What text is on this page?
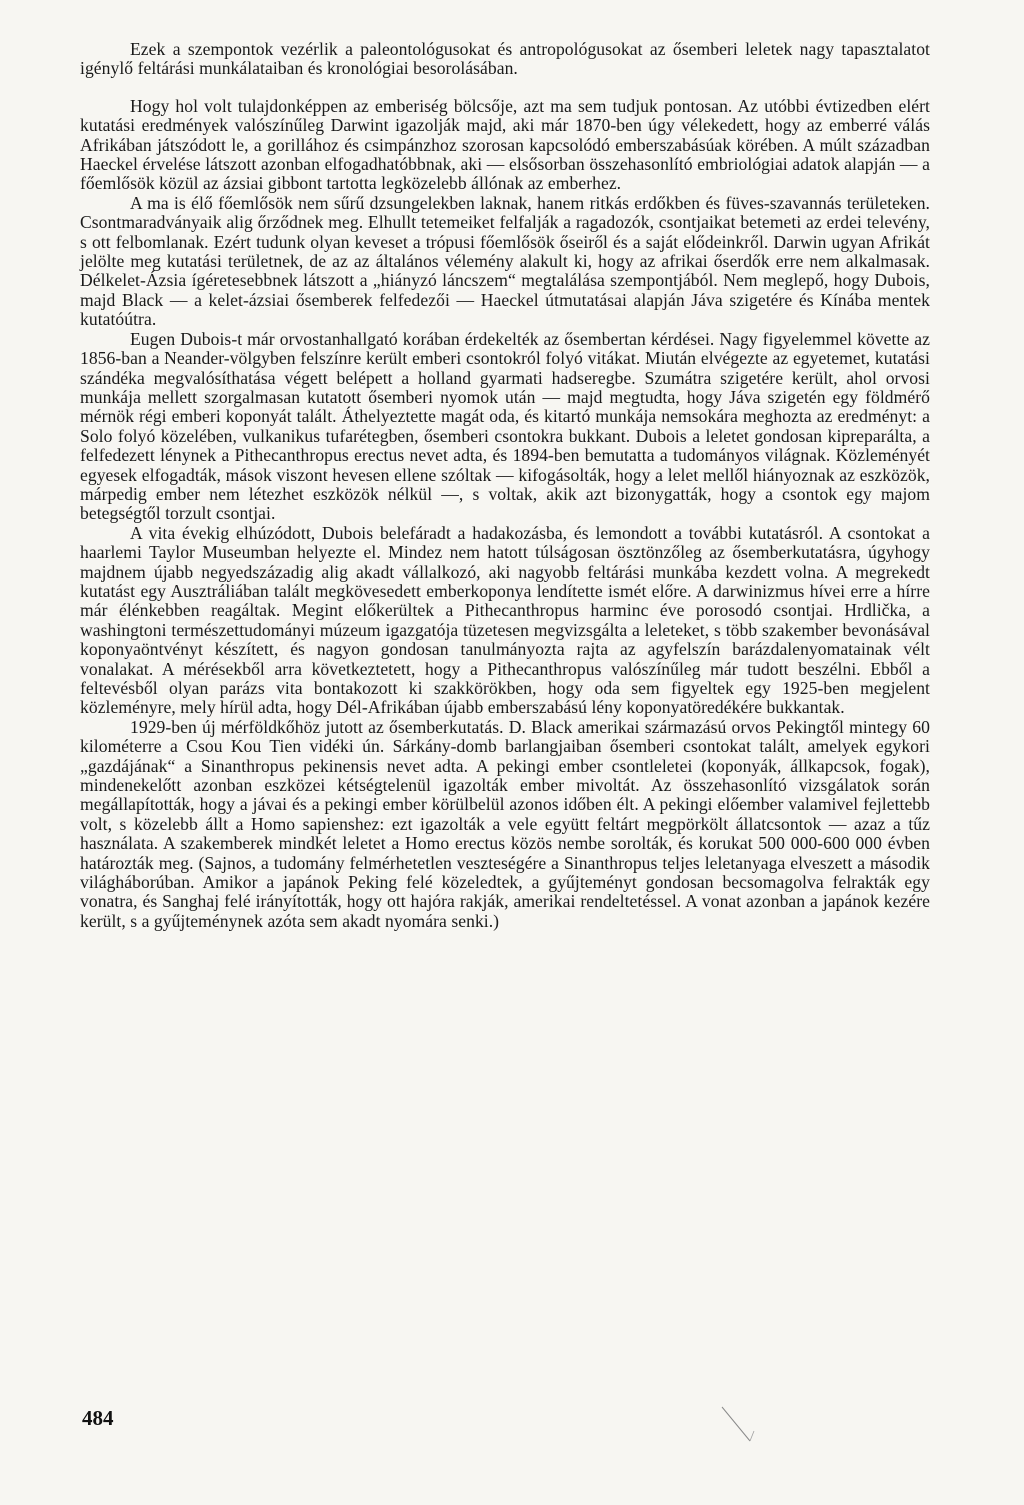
Ezek a szempontok vezérlik a paleontológusokat és antropológusokat az ősemberi leletek nagy tapasztalatot igénylő feltárási munkálataiban és kronológiai besorolásában.

Hogy hol volt tulajdonképpen az emberiség bölcsője, azt ma sem tudjuk pontosan. Az utóbbi évtizedben elért kutatási eredmények valószínűleg Darwint igazolják majd, aki már 1870-ben úgy vélekedett, hogy az emberré válás Afrikában játszódott le, a gorillához és csimpánzhoz szorosan kapcsolódó emberszabásúak körében. A múlt században Haeckel érvelése látszott azonban elfogadhatóbbnak, aki — elsősorban összehasonlító embriológiai adatok alapján — a főemlősök közül az ázsiai gibbont tartotta legközelebb állónak az emberhez.

A ma is élő főemlősök nem sűrű dzsungelekben laknak, hanem ritkás erdőkben és füves-szavannás területeken. Csontmaradványaik alig őrződnek meg. Elhullt tetemeiket felfalják a ragadozók, csontjaikat betemeti az erdei televény, s ott felbomlanak. Ezért tudunk olyan keveset a trópusi főemlősök őseiről és a saját elődeinkről. Darwin ugyan Afrikát jelölte meg kutatási területnek, de az az általános vélemény alakult ki, hogy az afrikai őserdők erre nem alkalmasak. Délkelet-Ázsia ígéretesebbnek látszott a „hiányzó láncszem“ megtalálása szempontjából. Nem meglepő, hogy Dubois, majd Black — a kelet-ázsiai ősemberek felfedezői — Haeckel útmutatásai alapján Jáva szigetére és Kínába mentek kutatóútra.

Eugen Dubois-t már orvostanhallgató korában érdekelték az ősembertan kérdései. Nagy figyelemmel követte az 1856-ban a Neander-völgyben felszínre került emberi csontokról folyó vitákat. Miután elvégezte az egyetemet, kutatási szándéka megvalósíthatása végett belépett a holland gyarmati hadseregbe. Szumátra szigetére került, ahol orvosi munkája mellett szorgalmasan kutatott ősemberi nyomok után — majd megtudta, hogy Jáva szigetén egy földmérő mérnök régi emberi koponyát talált. Áthelyeztette magát oda, és kitartó munkája nemsokára meghozta az eredményt: a Solo folyó közelében, vulkanikus tufarétegben, ősemberi csontokra bukkant. Dubois a leletet gondosan kipreparálta, a felfedezett lénynek a Pithecanthropus erectus nevet adta, és 1894-ben bemutatta a tudományos világnak. Közleményét egyesek elfogadták, mások viszont hevesen ellene szóltak — kifogásolták, hogy a lelet mellől hiányoznak az eszközök, márpedig ember nem létezhet eszközök nélkül —, s voltak, akik azt bizonygatták, hogy a csontok egy majom betegségtől torzult csontjai.

A vita évekig elhúzódott, Dubois belefáradt a hadakozásba, és lemondott a további kutatásról. A csontokat a haarlemi Taylor Museumban helyezte el. Mindez nem hatott túlságosan ösztönzőleg az ősemberkutatásra, úgyhogy majdnem újabb negyedszázadig alig akadt vállalkozó, aki nagyobb feltárási munkába kezdett volna. A megrekedt kutatást egy Ausztráliában talált megkövesedett emberkoponya lendítette ismét előre. A darwinizmus hívei erre a hírre már élénkebben reagáltak. Megint előkerültek a Pithecanthropus harminc éve porosodó csontjai. Hrdlička, a washingtoni természettudományi múzeum igazgatója tüzetesen megvizsgálta a leleteket, s több szakember bevonásával koponyaöntvényt készített, és nagyon gondosan tanulmányozta rajta az agyfelszín barázdalenyomatainak vélt vonalakat. A mérésekből arra következtetett, hogy a Pithecanthropus valószínűleg már tudott beszélni. Ebből a feltevésből olyan parázs vita bontakozott ki szakkörökben, hogy oda sem figyeltek egy 1925-ben megjelent közleményre, mely hírül adta, hogy Dél-Afrikában újabb emberszabású lény koponyatöredékére bukkantak.

1929-ben új mérföldkőhöz jutott az ősemberkutatás. D. Black amerikai származású orvos Pekingtől mintegy 60 kilométerre a Csou Kou Tien vidéki ún. Sárkány-domb barlangjaiban ősemberi csontokat talált, amelyek egykori „gazdájának“ a Sinanthropus pekinensis nevet adta. A pekingi ember csontleletei (koponyák, állkapcsok, fogak), mindenekelőtt azonban eszközei kétségtelenül igazolták ember mivoltát. Az összehasonlító vizsgálatok során megállapították, hogy a jávai és a pekingi ember körülbelül azonos időben élt. A pekingi előember valamivel fejlettebb volt, s közelebb állt a Homo sapienshez: ezt igazolták a vele együtt feltárt megpörkölt állatcsontok — azaz a tűz használata. A szakemberek mindkét leletet a Homo erectus közös nembe sorolták, és korukat 500 000-600 000 évben határozták meg. (Sajnos, a tudomány felmérhetetlen veszteségére a Sinanthropus teljes leletanyaga elveszett a második világháborúban. Amikor a japánok Peking felé közeledtek, a gyűjteményt gondosan becsomagolva felrakták egy vonatra, és Sanghaj felé irányították, hogy ott hajóra rakják, amerikai rendeltetéssel. A vonat azonban a japánok kezére került, s a gyűjteménynek azóta sem akadt nyomára senki.)

484
